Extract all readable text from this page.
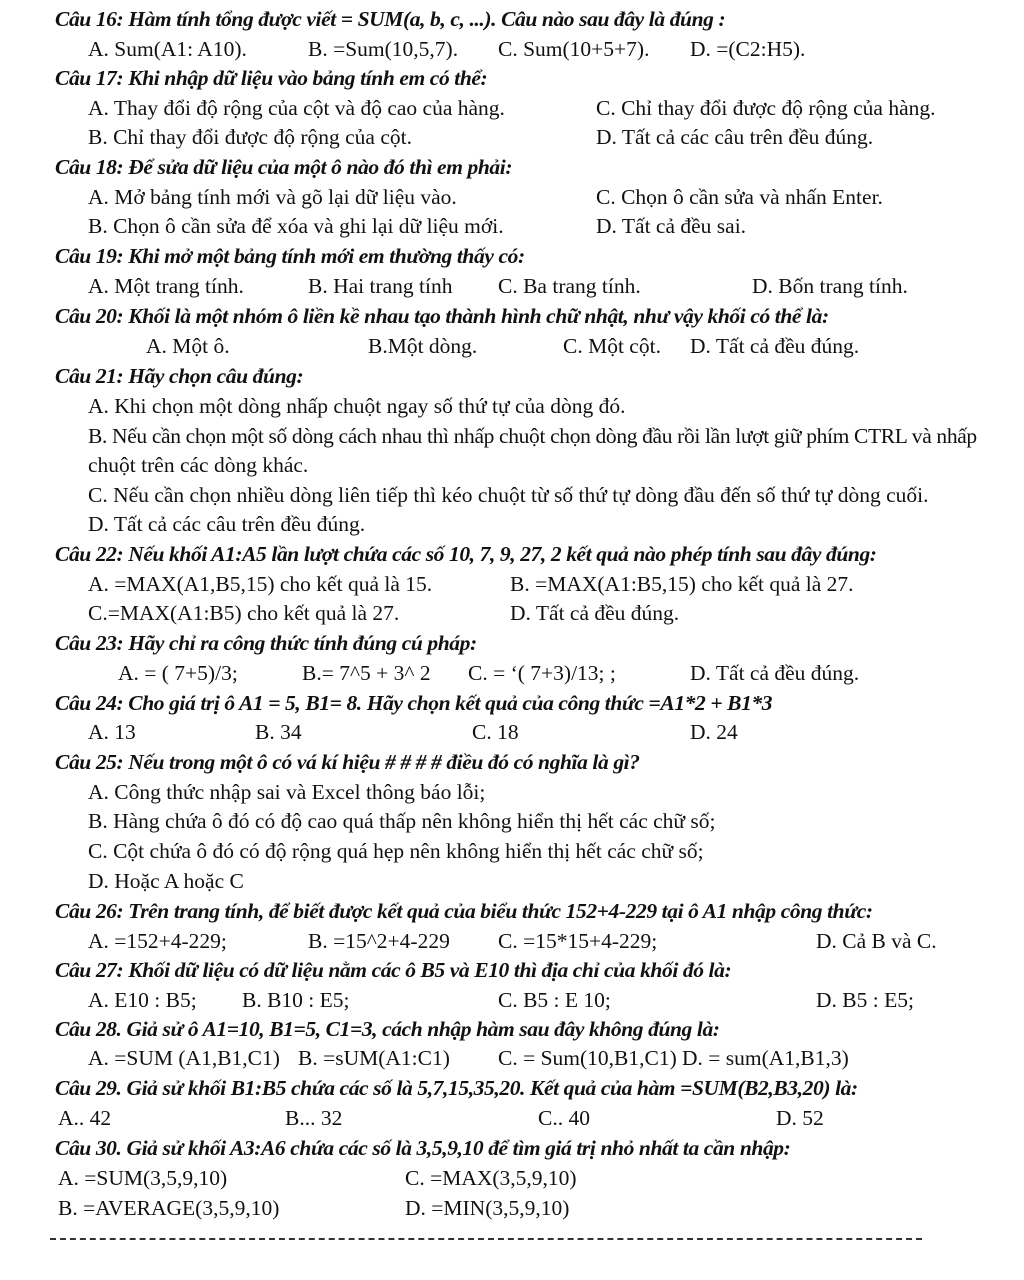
Câu 16: Hàm tính tổng được viết = SUM(a, b, c, ...). Câu nào sau đây là đúng :
A. Sum(A1: A10).	B. =Sum(10,5,7). C. Sum(10+5+7). D. =(C2:H5).
Câu 17: Khi nhập dữ liệu vào bảng tính em có thể:
A. Thay đổi độ rộng của cột và độ cao của hàng.	C. Chỉ thay đổi được độ rộng của hàng.
B. Chỉ thay đổi được độ rộng của cột.	D. Tất cả các câu trên đều đúng.
Câu 18: Để sửa dữ liệu của một ô nào đó thì em phải:
A. Mở bảng tính mới và gõ lại dữ liệu vào.	C. Chọn ô cần sửa và nhấn Enter.
B. Chọn ô cần sửa để xóa và ghi lại dữ liệu mới.	D. Tất cả đều sai.
Câu 19: Khi mở một bảng tính mới em thường thấy có:
A. Một trang tính.	B. Hai trang tính C. Ba trang tính.	D. Bốn trang tính.
Câu 20: Khối là một nhóm ô liền kề nhau tạo thành hình chữ nhật, như vậy khối có thể là:
A. Một ô.	B.Một dòng.	C. Một cột. D. Tất cả đều đúng.
Câu 21: Hãy chọn câu đúng:
A. Khi chọn một dòng nhấp chuột ngay số thứ tự của dòng đó.
B. Nếu cần chọn một số dòng cách nhau thì nhấp chuột chọn dòng đầu rồi lần lượt giữ phím CTRL và nhấp
chuột trên các dòng khác.
C. Nếu cần chọn nhiều dòng liên tiếp thì kéo chuột từ số thứ tự dòng đầu đến số thứ tự dòng cuối.
D. Tất cả các câu trên đều đúng.
Câu 22: Nếu khối A1:A5 lần lượt chứa các số 10, 7, 9, 27, 2 kết quả nào phép tính sau đây đúng:
A. =MAX(A1,B5,15) cho kết quả là 15.	B. =MAX(A1:B5,15) cho kết quả là 27.
C.=MAX(A1:B5) cho kết quả là 27.	D. Tất cả đều đúng.
Câu 23: Hãy chỉ ra công thức tính đúng cú pháp:
A. = ( 7+5)/3;	B.= 7^5 + 3^ 2 C. = ‘( 7+3)/13; ;	D. Tất cả đều đúng.
Câu 24: Cho giá trị ô A1 = 5, B1= 8. Hãy chọn kết quả của công thức =A1*2 + B1*3
A. 13	B. 34	C. 18	D. 24
Câu 25: Nếu trong một ô có vá kí hiệu # # # # điều đó có nghĩa là gì?
A. Công thức nhập sai và Excel thông báo lỗi;
B. Hàng chứa ô đó có độ cao quá thấp nên không hiển thị hết các chữ số;
C. Cột chứa ô đó có độ rộng quá hẹp nên không hiển thị hết các chữ số;
D. Hoặc A hoặc C
Câu 26: Trên trang tính, để biết được kết quả của biểu thức 152+4-229 tại ô A1 nhập công thức:
A. =152+4-229;	B. =15^2+4-229 C. =15*15+4-229;	D. Cả B và C.
Câu 27: Khối dữ liệu có dữ liệu nằm các ô B5 và E10 thì địa chỉ của khối đó là:
A. E10 : B5; B. B10 : E5;	C. B5 : E 10;	D. B5 : E5;
Câu 28. Giả sử ô A1=10, B1=5, C1=3, cách nhập hàm sau đây không đúng là:
A. =SUM (A1,B1,C1) B. =sUM(A1:C1) C. = Sum(10,B1,C1) D. = sum(A1,B1,3)
Câu 29. Giả sử khối B1:B5 chứa các số là 5,7,15,35,20. Kết quả của hàm =SUM(B2,B3,20) là:
A.. 42	B... 32	C.. 40	D. 52
Câu 30. Giả sử khối A3:A6 chứa các số là 3,5,9,10 để tìm giá trị nhỏ nhất ta cần nhập:
A. =SUM(3,5,9,10)	C. =MAX(3,5,9,10)
B. =AVERAGE(3,5,9,10)	D. =MIN(3,5,9,10)
